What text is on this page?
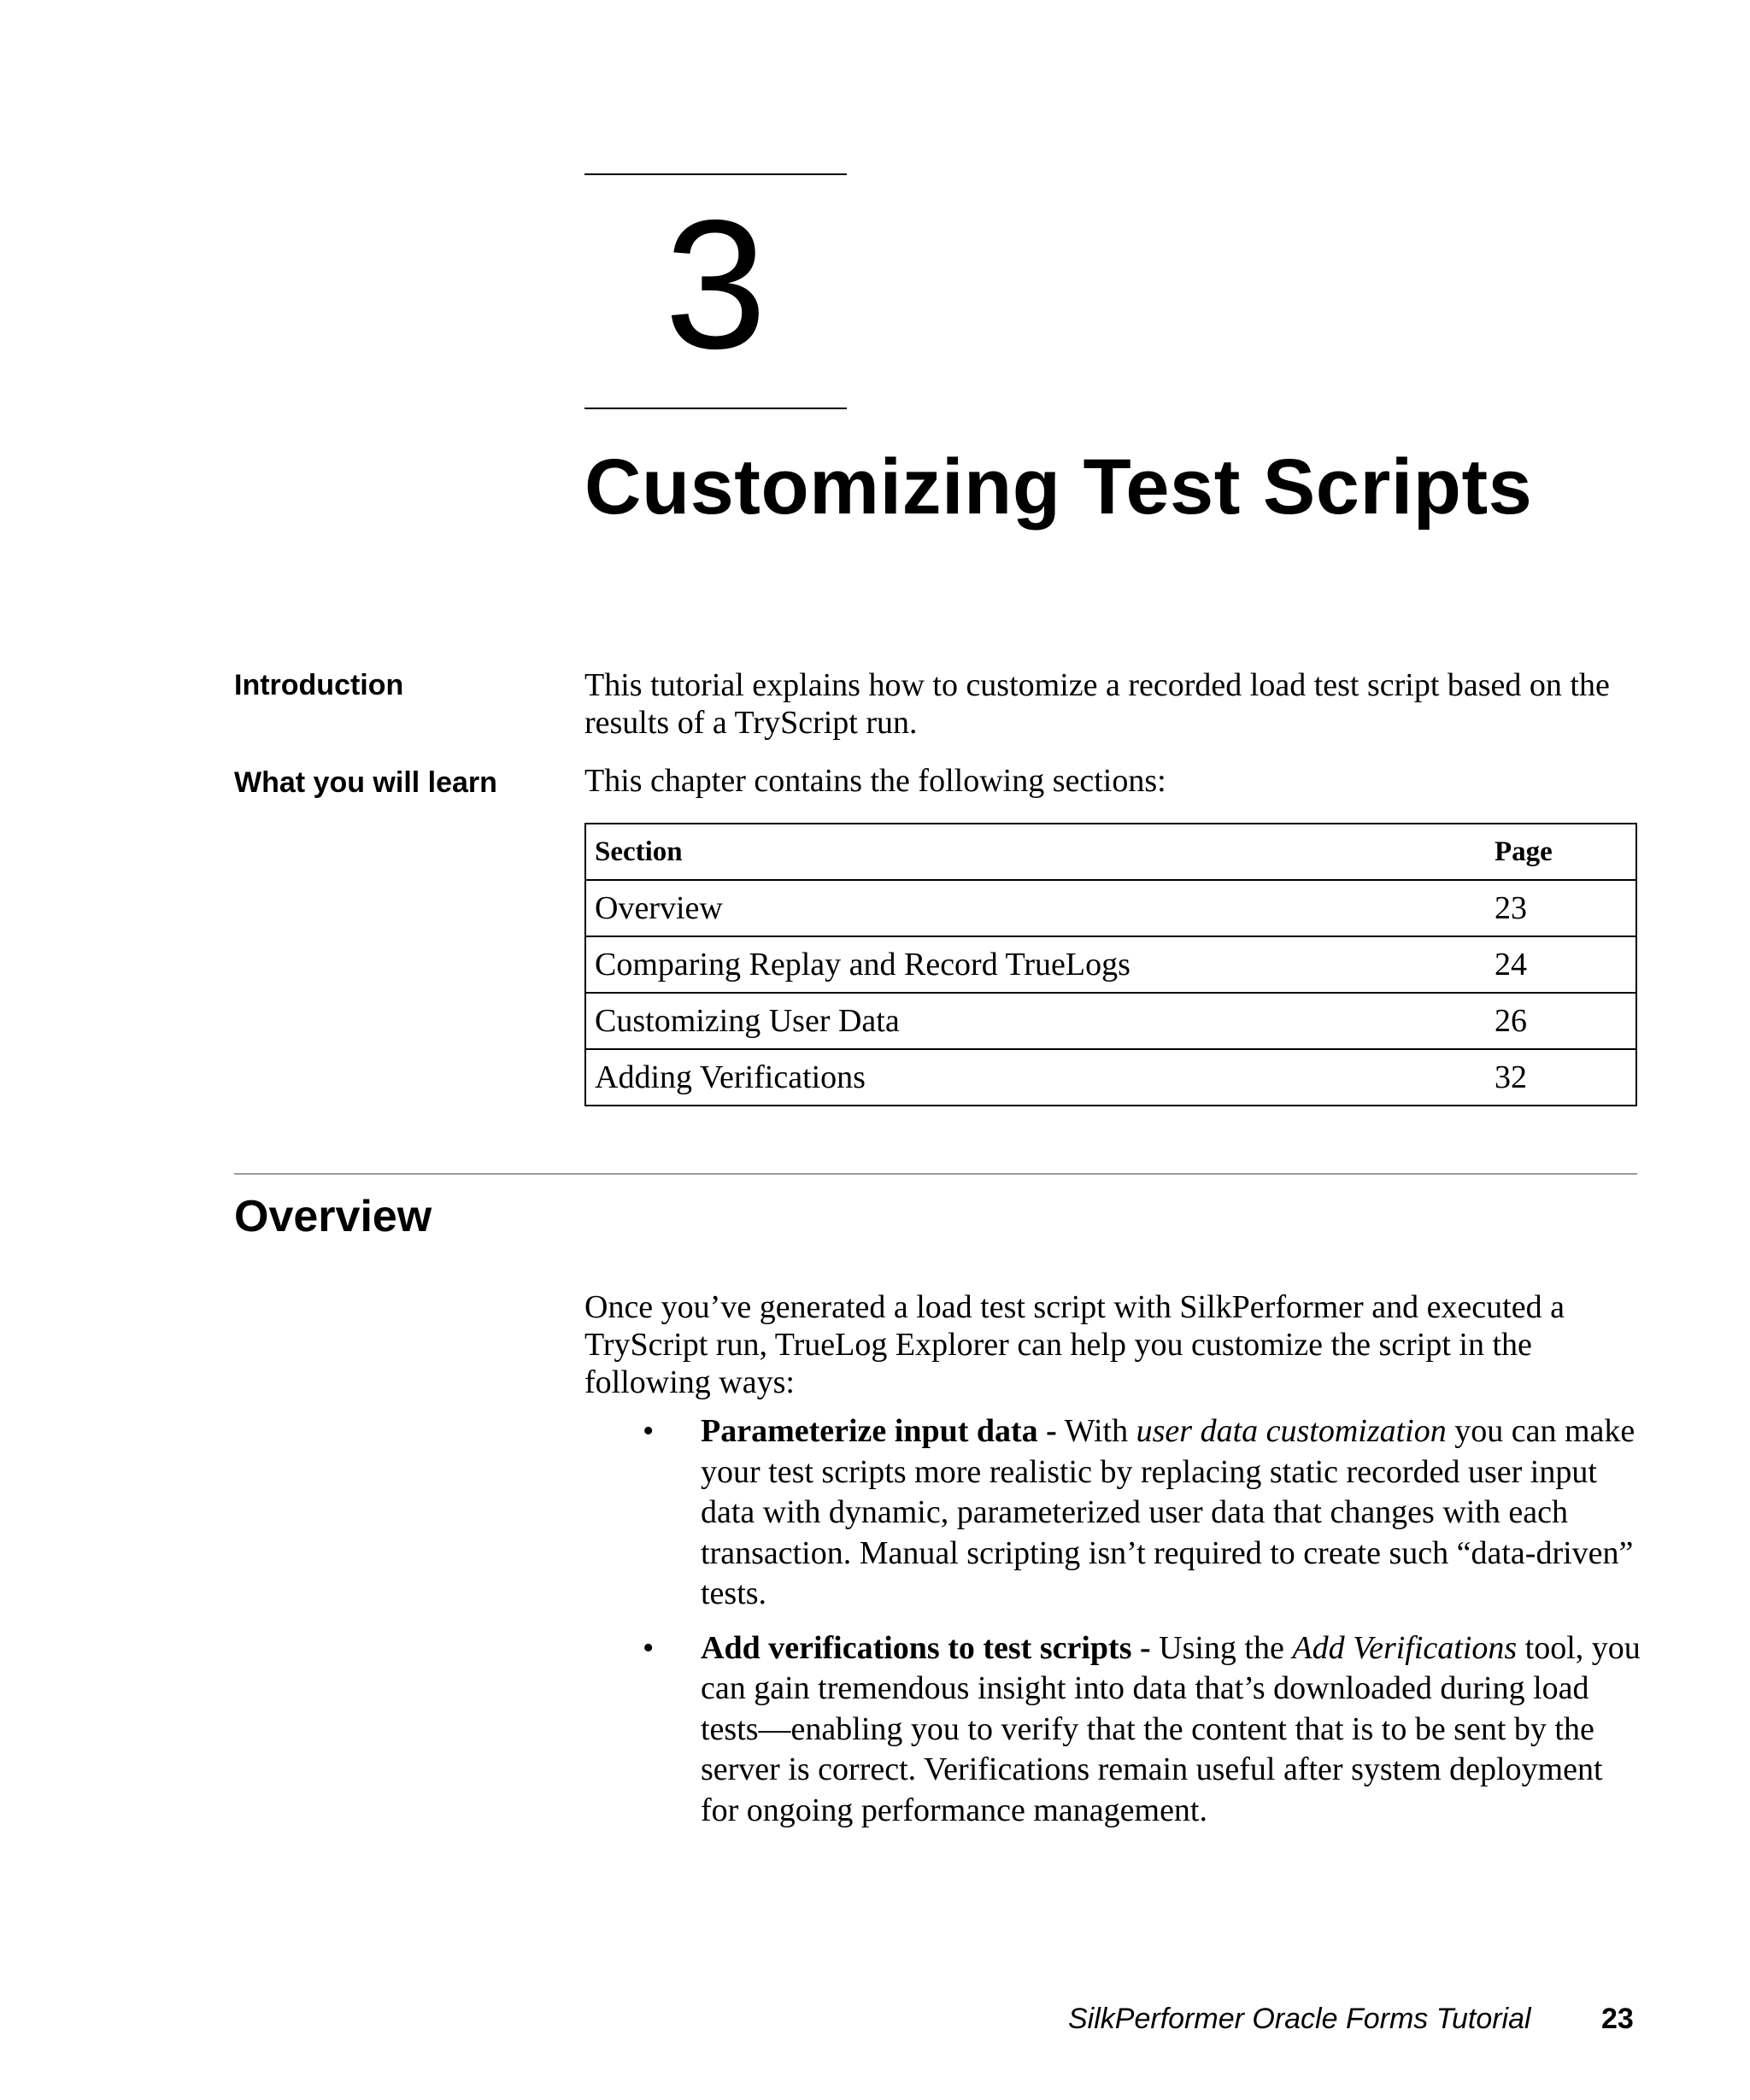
3
Customizing Test Scripts
Introduction	This tutorial explains how to customize a recorded load test script based on the results of a TryScript run.
What you will learn	This chapter contains the following sections:
Section	Page
Overview	23
Comparing Replay and Record TrueLogs	24
Customizing User Data	26
Adding Verifications	32
Overview
Once you’ve generated a load test script with SilkPerformer and executed a TryScript run, TrueLog Explorer can help you customize the script in the following ways:
• Parameterize input data - With user data customization you can make your test scripts more realistic by replacing static recorded user input data with dynamic, parameterized user data that changes with each transaction. Manual scripting isn’t required to create such “data-driven” tests.
• Add verifications to test scripts - Using the Add Verifications tool, you can gain tremendous insight into data that’s downloaded during load tests—enabling you to verify that the content that is to be sent by the server is correct. Verifications remain useful after system deployment for ongoing performance management.
SilkPerformer Oracle Forms Tutorial 23
